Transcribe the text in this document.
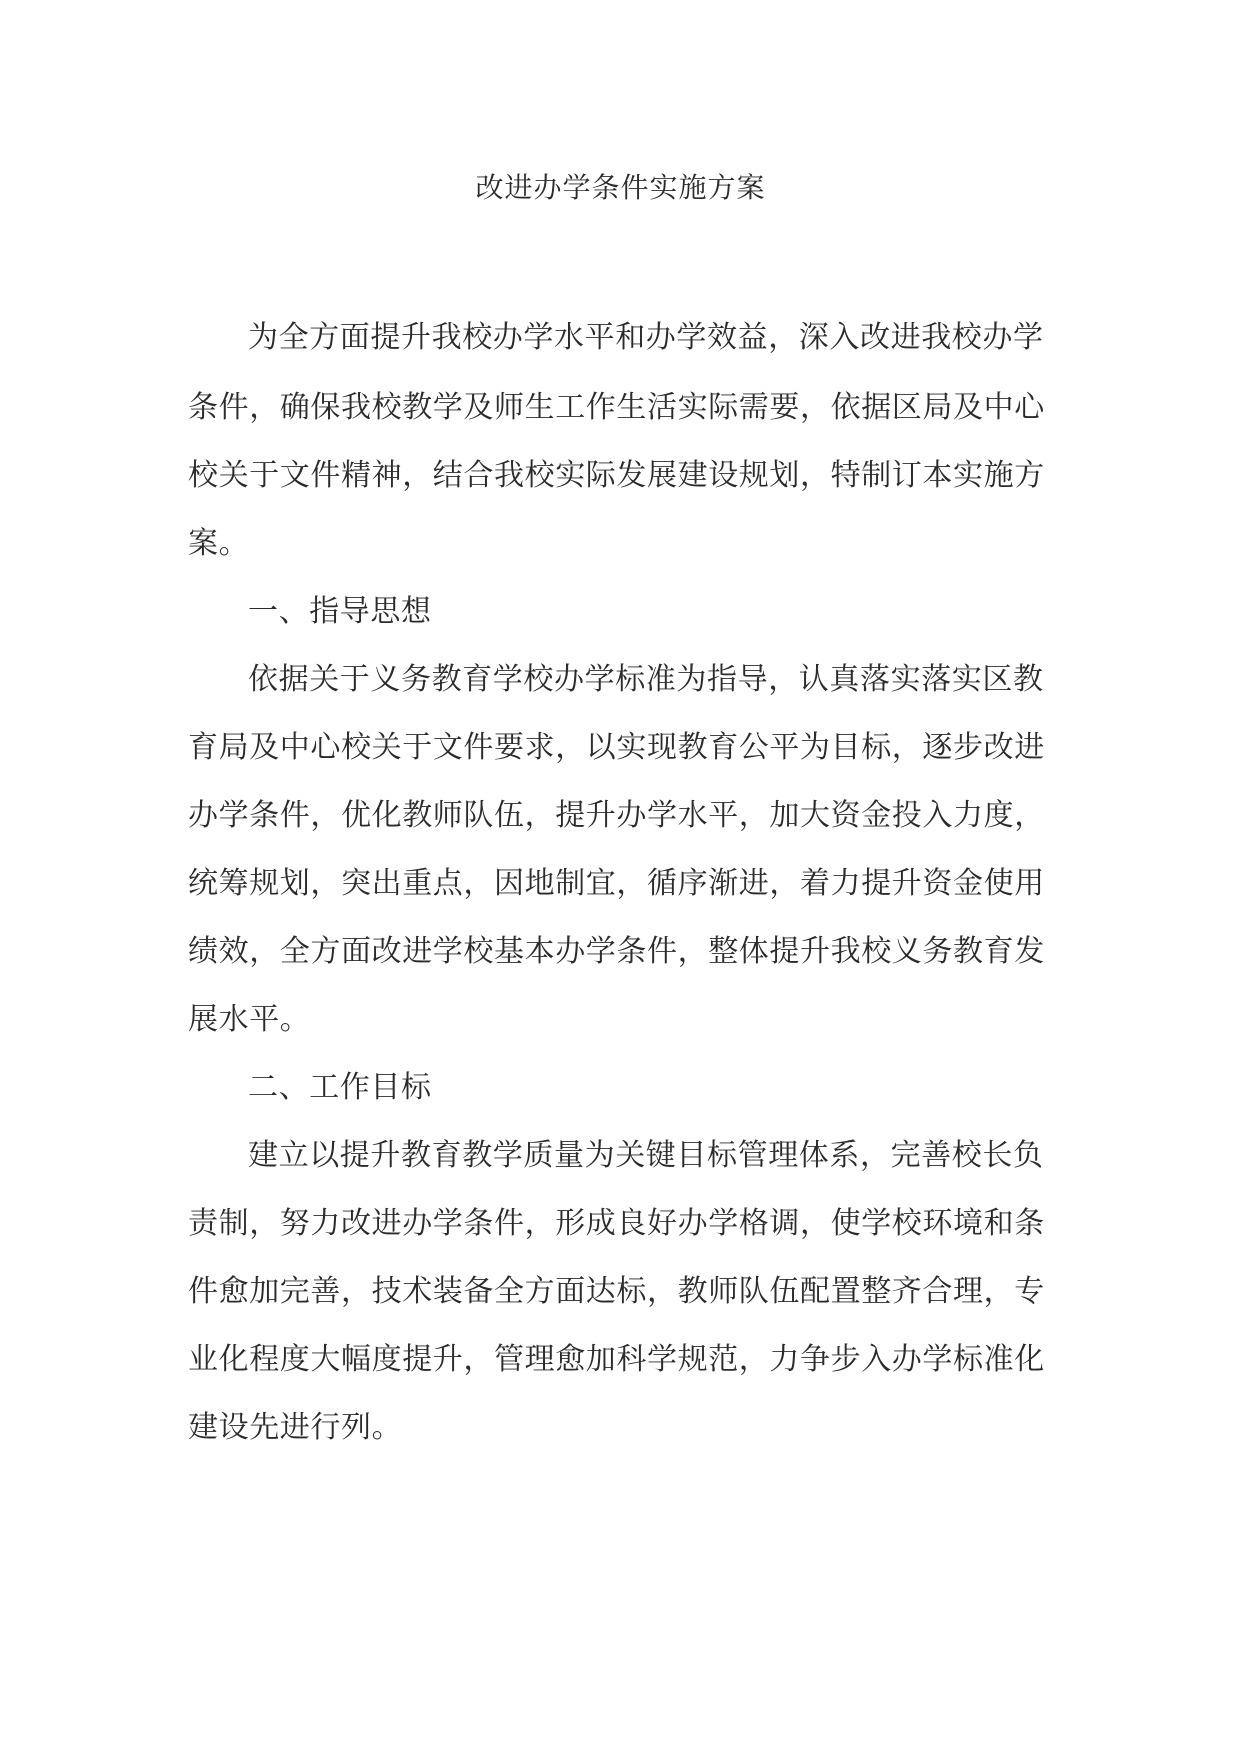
改进办学条件实施方案
为全方面提升我校办学水平和办学效益，深入改进我校办学
条件，确保我校教学及师生工作生活实际需要，依据区局及中心
校关于文件精神，结合我校实际发展建设规划，特制订本实施方
案。
一、指导思想
依据关于义务教育学校办学标准为指导，认真落实落实区教
育局及中心校关于文件要求，以实现教育公平为目标，逐步改进
办学条件，优化教师队伍，提升办学水平，加大资金投入力度，
统筹规划，突出重点，因地制宜，循序渐进，着力提升资金使用
绩效，全方面改进学校基本办学条件，整体提升我校义务教育发
展水平。
二、工作目标
建立以提升教育教学质量为关键目标管理体系，完善校长负
责制，努力改进办学条件，形成良好办学格调，使学校环境和条
件愈加完善，技术装备全方面达标，教师队伍配置整齐合理，专
业化程度大幅度提升，管理愈加科学规范，力争步入办学标准化
建设先进行列。
